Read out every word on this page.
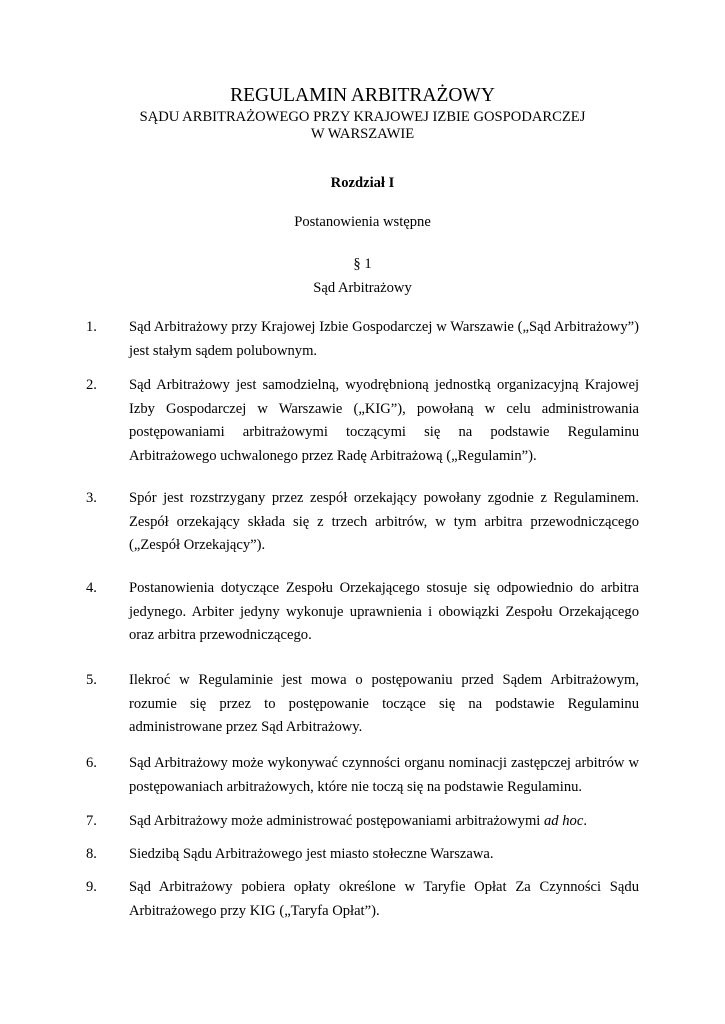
REGULAMIN ARBITRAŻOWY
SĄDU ARBITRAŻOWEGO PRZY KRAJOWEJ IZBIE GOSPODARCZEJ
W WARSZAWIE
Rozdział I
Postanowienia wstępne
§ 1
Sąd Arbitrażowy
1.	Sąd Arbitrażowy przy Krajowej Izbie Gospodarczej w Warszawie („Sąd Arbitrażowy”) jest stałym sądem polubownym.
2.	Sąd Arbitrażowy jest samodzielną, wyodrębnioną jednostką organizacyjną Krajowej Izby Gospodarczej w Warszawie („KIG”), powołaną w celu administrowania postępowaniami arbitrażowymi toczącymi się na podstawie Regulaminu Arbitrażowego uchwalonego przez Radę Arbitrażową („Regulamin”).
3.	Spór jest rozstrzygany przez zespół orzekający powołany zgodnie z Regulaminem. Zespół orzekający składa się z trzech arbitrów, w tym arbitra przewodniczącego („Zespół Orzekający”).
4.	Postanowienia dotyczące Zespołu Orzekającego stosuje się odpowiednio do arbitra jedynego. Arbiter jedyny wykonuje uprawnienia i obowiązki Zespołu Orzekającego oraz arbitra przewodniczącego.
5.	Ilekroć w Regulaminie jest mowa o postępowaniu przed Sądem Arbitrażowym, rozumie się przez to postępowanie toczące się na podstawie Regulaminu administrowane przez Sąd Arbitrażowy.
6.	Sąd Arbitrażowy może wykonywać czynności organu nominacji zastępczej arbitrów w postępowaniach arbitrażowych, które nie toczą się na podstawie Regulaminu.
7.	Sąd Arbitrażowy może administrować postępowaniami arbitrażowymi ad hoc.
8.	Siedzibą Sądu Arbitrażowego jest miasto stołeczne Warszawa.
9.	Sąd Arbitrażowy pobiera opłaty określone w Taryfie Opłat Za Czynności Sądu Arbitrażowego przy KIG („Taryfa Opłat”).
